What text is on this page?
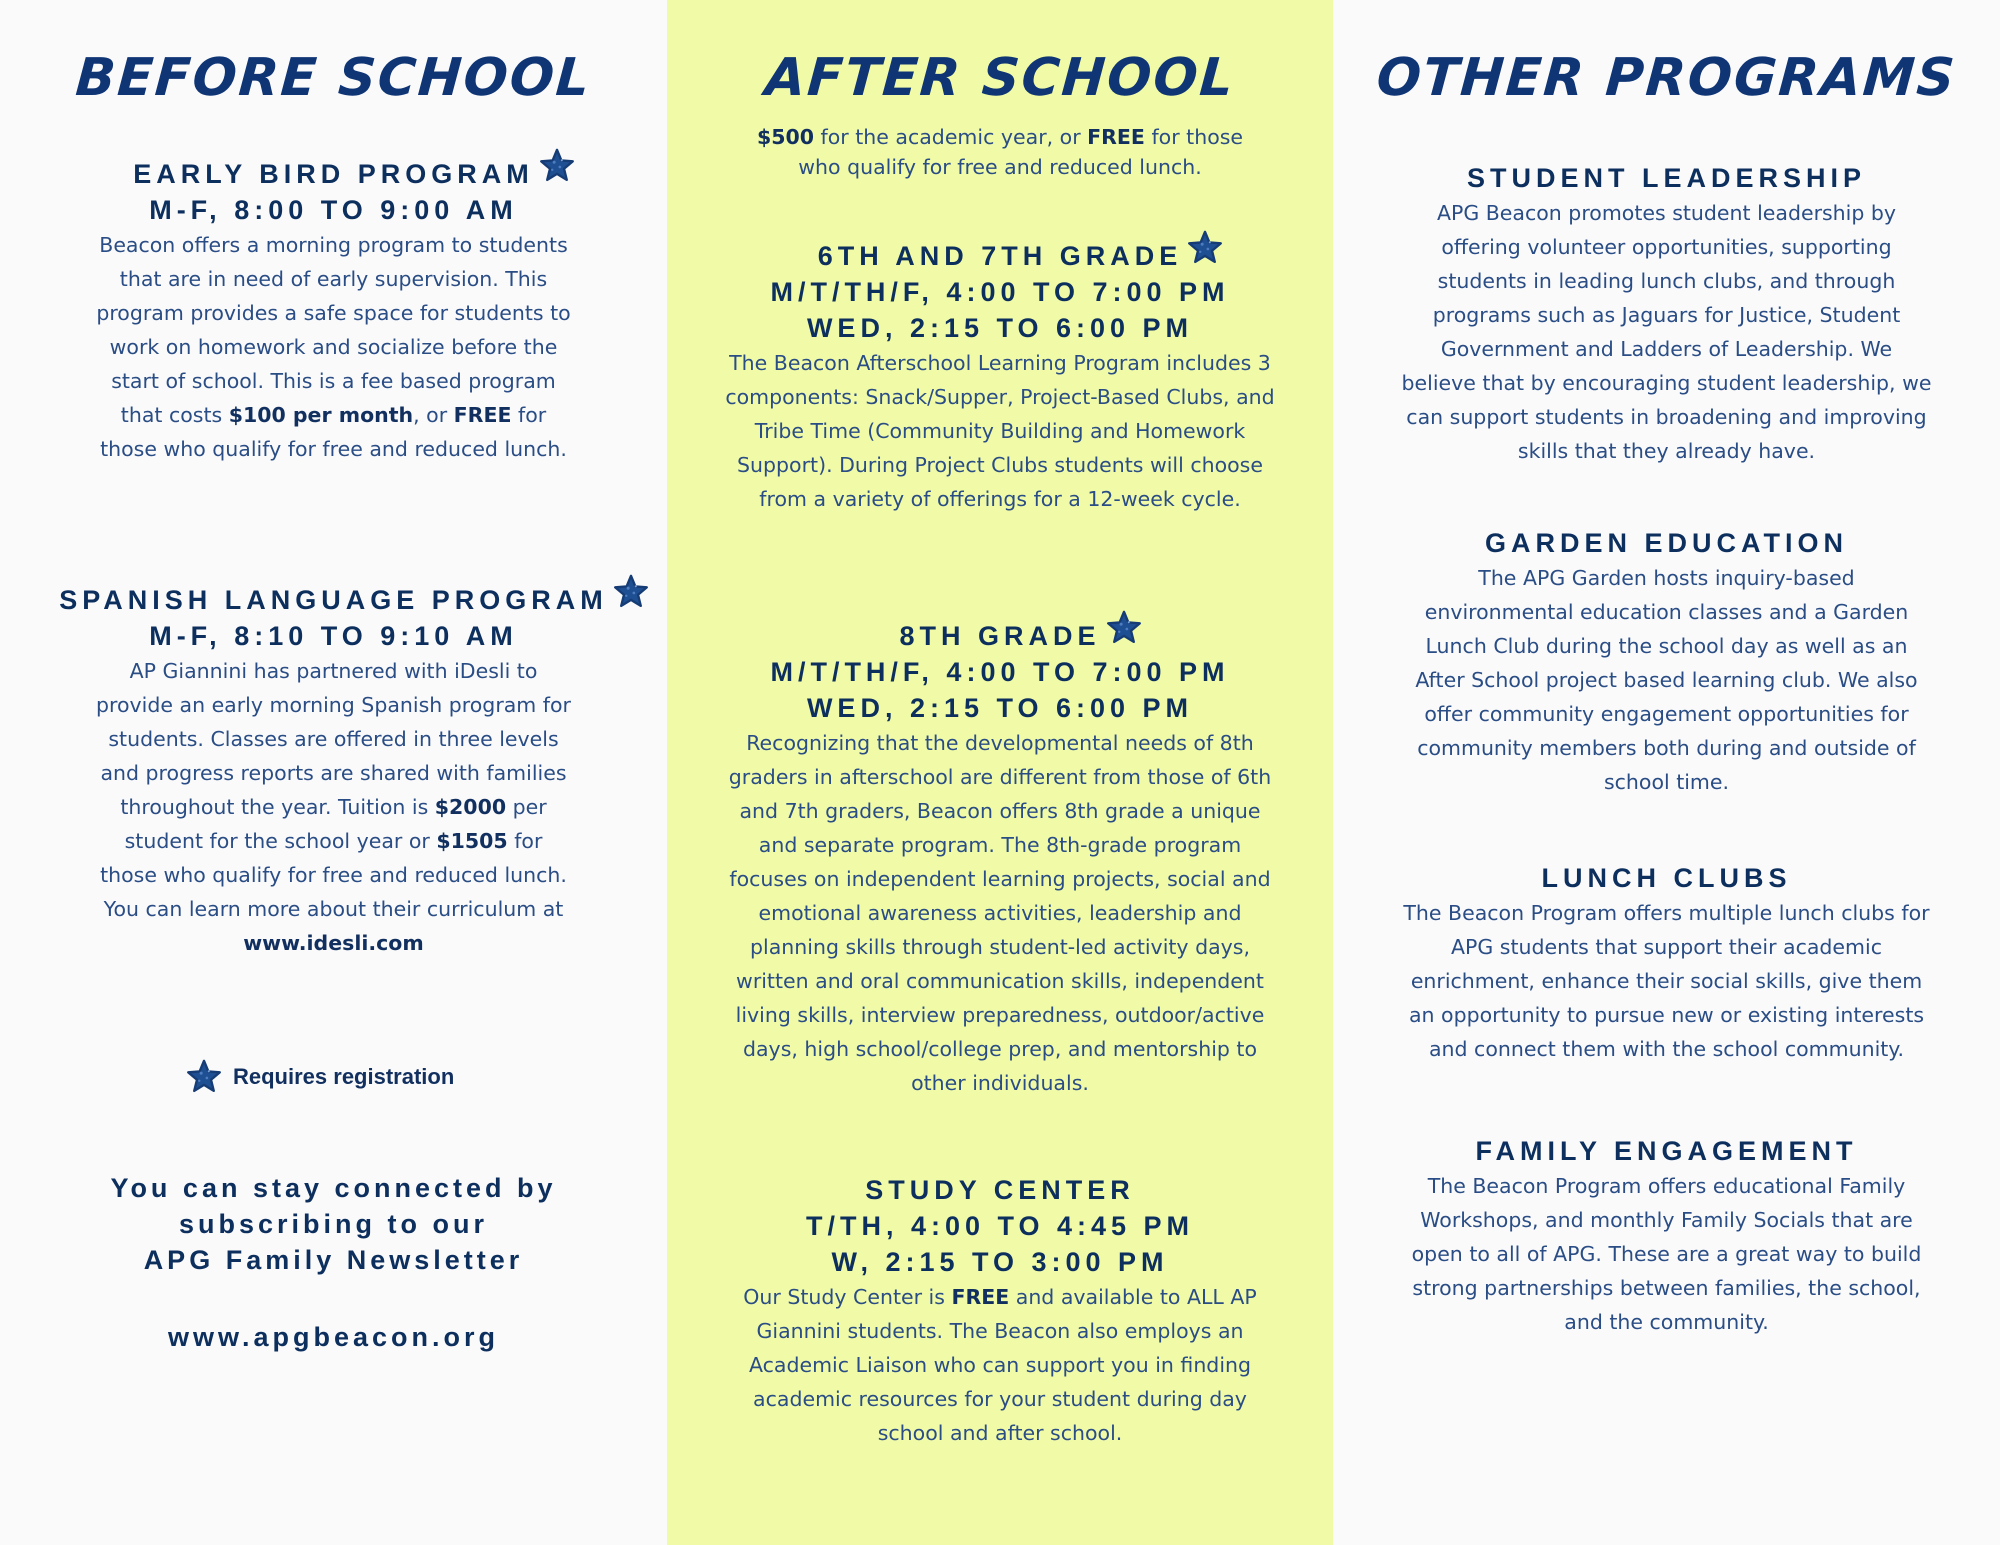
BEFORE SCHOOL

EARLY BIRD PROGRAM

M-F, 8:00 TO 9:00 AM

Beacon offers a morning program to students that are in need of early supervision. This program provides a safe space for students to work on homework and socialize before the start of school. This is a fee based program that costs $100 per month, or FREE for those who qualify for free and reduced lunch.

SPANISH LANGUAGE PROGRAM

M-F, 8:10 TO 9:10 AM

AP Giannini has partnered with iDesli to provide an early morning Spanish program for students. Classes are offered in three levels and progress reports are shared with families throughout the year. Tuition is $2000 per student for the school year or $1505 for those who qualify for free and reduced lunch. You can learn more about their curriculum at www.idesli.com

Requires registration

You can stay connected by
subscribing to our
APG Family Newsletter

www.apgbeacon.org

AFTER SCHOOL

$500 for the academic year, or FREE for those who qualify for free and reduced lunch.

6TH AND 7TH GRADE

M/T/TH/F, 4:00 TO 7:00 PM

WED, 2:15 TO 6:00 PM

The Beacon Afterschool Learning Program includes 3 components: Snack/Supper, Project-Based Clubs, and Tribe Time (Community Building and Homework Support). During Project Clubs students will choose from a variety of offerings for a 12-week cycle.

8TH GRADE

M/T/TH/F, 4:00 TO 7:00 PM

WED, 2:15 TO 6:00 PM

Recognizing that the developmental needs of 8th graders in afterschool are different from those of 6th and 7th graders, Beacon offers 8th grade a unique and separate program. The 8th-grade program focuses on independent learning projects, social and emotional awareness activities, leadership and planning skills through student-led activity days, written and oral communication skills, independent living skills, interview preparedness, outdoor/active days, high school/college prep, and mentorship to other individuals.

STUDY CENTER

T/TH, 4:00 TO 4:45 PM

W, 2:15 TO 3:00 PM

Our Study Center is FREE and available to ALL AP Giannini students. The Beacon also employs an Academic Liaison who can support you in finding academic resources for your student during day school and after school.

OTHER PROGRAMS

STUDENT LEADERSHIP

APG Beacon promotes student leadership by offering volunteer opportunities, supporting students in leading lunch clubs, and through programs such as Jaguars for Justice, Student Government and Ladders of Leadership. We believe that by encouraging student leadership, we can support students in broadening and improving skills that they already have.

GARDEN EDUCATION

The APG Garden hosts inquiry-based environmental education classes and a Garden Lunch Club during the school day as well as an After School project based learning club. We also offer community engagement opportunities for community members both during and outside of school time.

LUNCH CLUBS

The Beacon Program offers multiple lunch clubs for APG students that support their academic enrichment, enhance their social skills, give them an opportunity to pursue new or existing interests and connect them with the school community.

FAMILY ENGAGEMENT

The Beacon Program offers educational Family Workshops, and monthly Family Socials that are open to all of APG. These are a great way to build strong partnerships between families, the school, and the community.
